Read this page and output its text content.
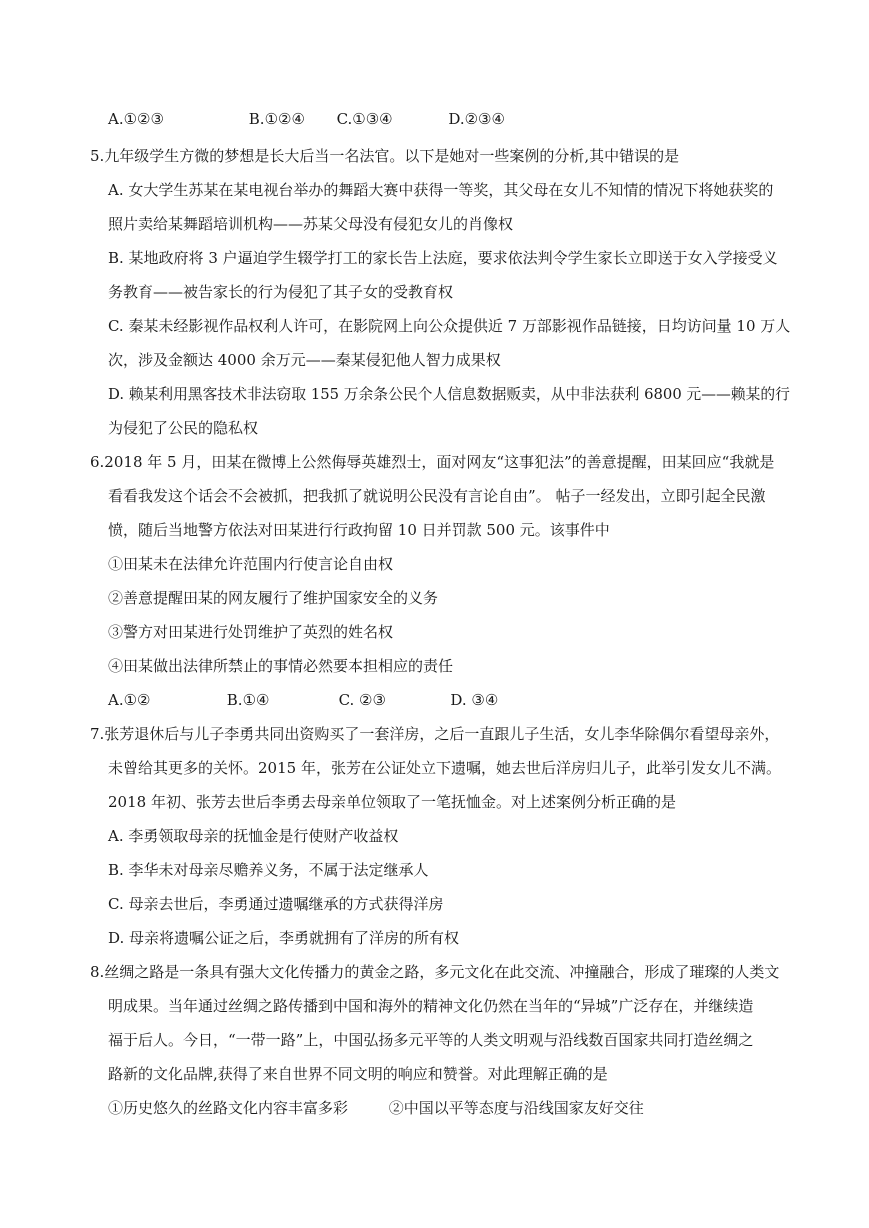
A.①②③	B.①②④ C.①③④	D.②③④
5.九年级学生方微的梦想是长大后当一名法官。以下是她对一些案例的分析,其中错误的是
A. 女大学生苏某在某电视台举办的舞蹈大赛中获得一等奖，其父母在女儿不知情的情况下将她获奖的
照片卖给某舞蹈培训机构——苏某父母没有侵犯女儿的肖像权
B. 某地政府将 3 户逼迫学生辍学打工的家长告上法庭，要求依法判令学生家长立即送于女入学接受义
务教育——被告家长的行为侵犯了其子女的受教育权
C. 秦某未经影视作品权利人许可，在影院网上向公众提供近 7 万部影视作品链接，日均访问量 10 万人
次，涉及金额达 4000 余万元——秦某侵犯他人智力成果权
D. 赖某利用黑客技术非法窃取 155 万余条公民个人信息数据贩卖，从中非法获利 6800 元——赖某的行
为侵犯了公民的隐私权
6.2018 年 5 月，田某在微博上公然侮辱英雄烈士，面对网友“这事犯法”的善意提醒，田某回应“我就是
看看我发这个话会不会被抓，把我抓了就说明公民没有言论自由”。 帖子一经发出，立即引起全民激
愤，随后当地警方依法对田某进行行政拘留 10 日并罚款 500 元。该事件中
①田某未在法律允许范围内行使言论自由权
②善意提醒田某的网友履行了维护国家安全的义务
③警方对田某进行处罚维护了英烈的姓名权
④田某做出法律所禁止的事情必然要本担相应的责任
A.①②	B.①④	C. ②③	D. ③④
7.张芳退休后与儿子李勇共同出资购买了一套洋房，之后一直跟儿子生活，女儿李华除偶尔看望母亲外，
未曾给其更多的关怀。2015 年，张芳在公证处立下遗嘱，她去世后洋房归儿子，此举引发女儿不满。
2018 年初、张芳去世后李勇去母亲单位领取了一笔抚恤金。对上述案例分析正确的是
A. 李勇领取母亲的抚恤金是行使财产收益权
B. 李华未对母亲尽赡养义务，不属于法定继承人
C. 母亲去世后，李勇通过遗嘱继承的方式获得洋房
D. 母亲将遗嘱公证之后，李勇就拥有了洋房的所有权
8.丝绸之路是一条具有强大文化传播力的黄金之路，多元文化在此交流、冲撞融合，形成了璀璨的人类文
明成果。当年通过丝绸之路传播到中国和海外的精神文化仍然在当年的“异城”广泛存在，并继续造
福于后人。今日，“一带一路”上，中国弘扬多元平等的人类文明观与沿线数百国家共同打造丝绸之
路新的文化品牌,获得了来自世界不同文明的响应和赞誉。对此理解正确的是
①历史悠久的丝路文化内容丰富多彩	②中国以平等态度与沿线国家友好交往
